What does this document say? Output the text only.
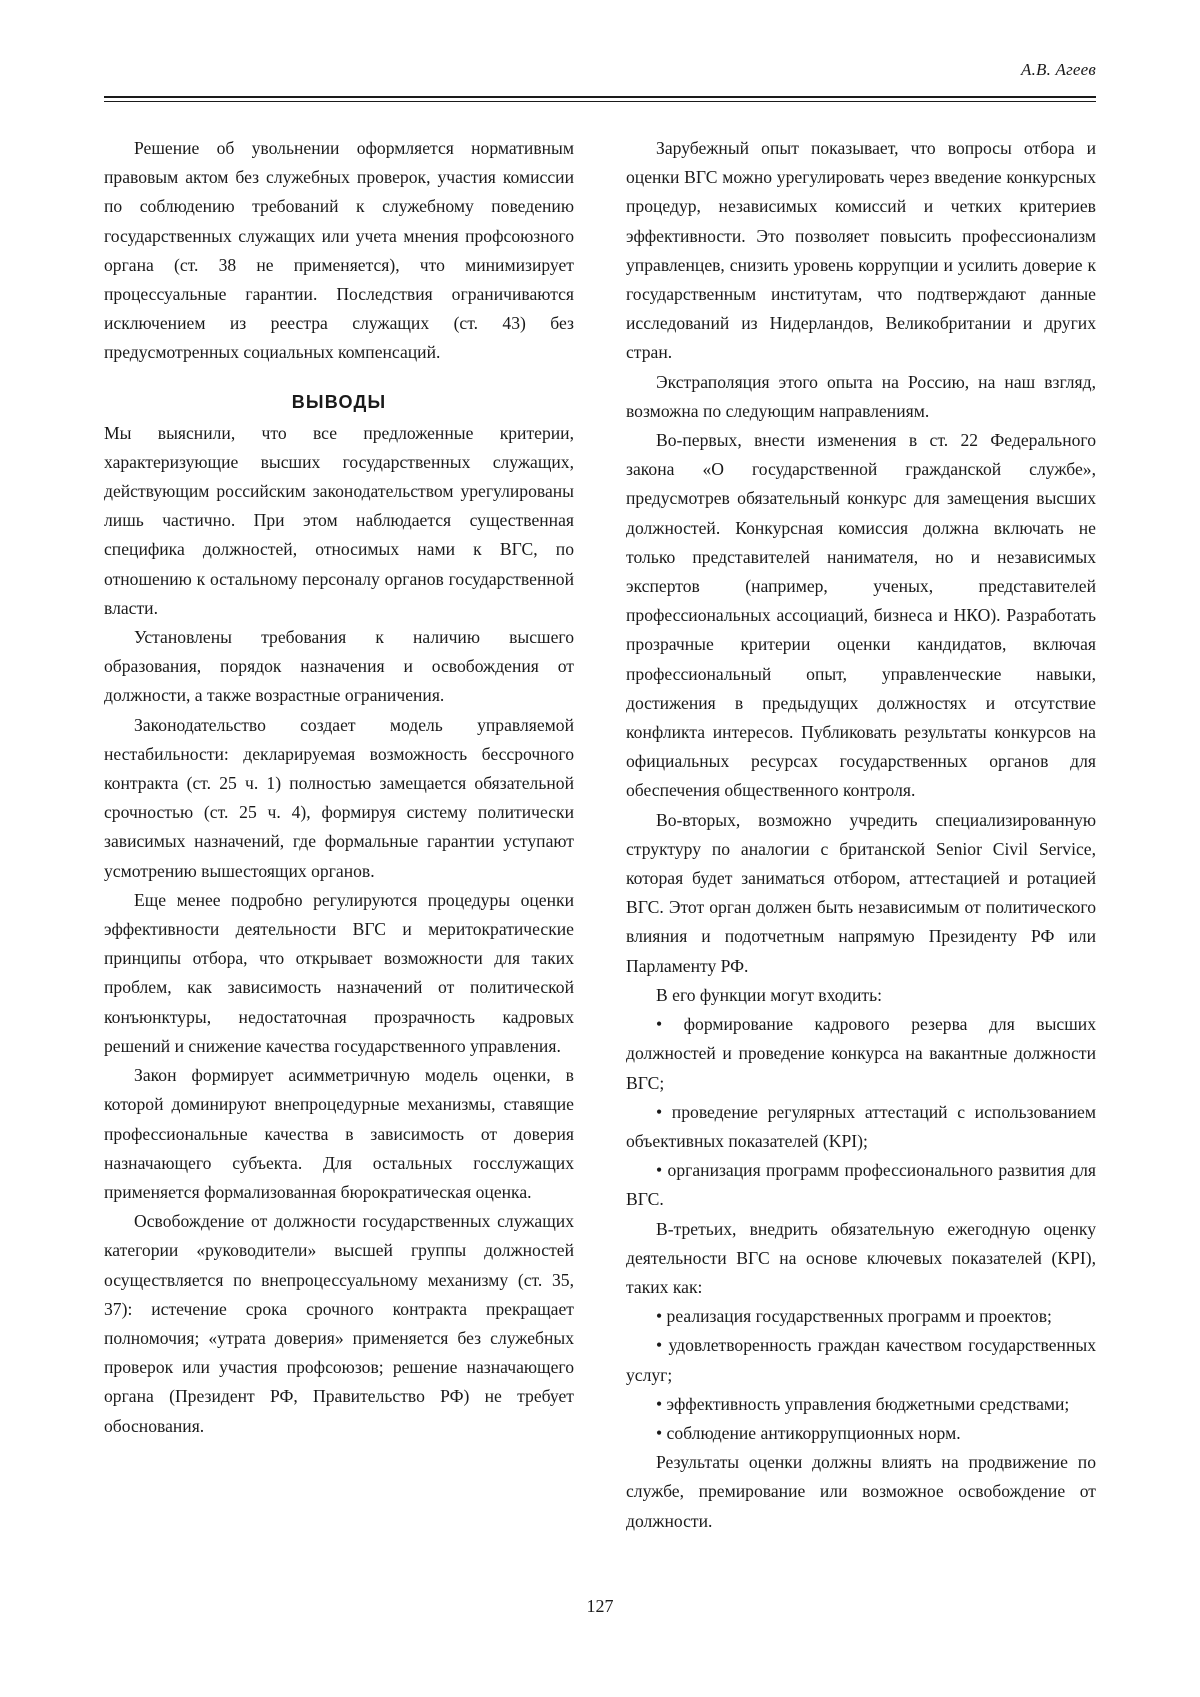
А.В. Агеев

Решение об увольнении оформляется нормативным правовым актом без служебных проверок, участия комиссии по соблюдению требований к служебному поведению государственных служащих или учета мнения профсоюзного органа (ст. 38 не применяется), что минимизирует процессуальные гарантии. Последствия ограничиваются исключением из реестра служащих (ст. 43) без предусмотренных социальных компенсаций.

ВЫВОДЫ

Мы выяснили, что все предложенные критерии, характеризующие высших государственных служащих, действующим российским законодательством урегулированы лишь частично. При этом наблюдается существенная специфика должностей, относимых нами к ВГС, по отношению к остальному персоналу органов государственной власти.

Установлены требования к наличию высшего образования, порядок назначения и освобождения от должности, а также возрастные ограничения.

Законодательство создает модель управляемой нестабильности: декларируемая возможность бессрочного контракта (ст. 25 ч. 1) полностью замещается обязательной срочностью (ст. 25 ч. 4), формируя систему политически зависимых назначений, где формальные гарантии уступают усмотрению вышестоящих органов.

Еще менее подробно регулируются процедуры оценки эффективности деятельности ВГС и меритократические принципы отбора, что открывает возможности для таких проблем, как зависимость назначений от политической конъюнктуры, недостаточная прозрачность кадровых решений и снижение качества государственного управления.

Закон формирует асимметричную модель оценки, в которой доминируют внепроцедурные механизмы, ставящие профессиональные качества в зависимость от доверия назначающего субъекта. Для остальных госслужащих применяется формализованная бюрократическая оценка.

Освобождение от должности государственных служащих категории «руководители» высшей группы должностей осуществляется по внепроцессуальному механизму (ст. 35, 37): истечение срока срочного контракта прекращает полномочия; «утрата доверия» применяется без служебных проверок или участия профсоюзов; решение назначающего органа (Президент РФ, Правительство РФ) не требует обоснования.

Зарубежный опыт показывает, что вопросы отбора и оценки ВГС можно урегулировать через введение конкурсных процедур, независимых комиссий и четких критериев эффективности. Это позволяет повысить профессионализм управленцев, снизить уровень коррупции и усилить доверие к государственным институтам, что подтверждают данные исследований из Нидерландов, Великобритании и других стран.

Экстраполяция этого опыта на Россию, на наш взгляд, возможна по следующим направлениям.

Во-первых, внести изменения в ст. 22 Федерального закона «О государственной гражданской службе», предусмотрев обязательный конкурс для замещения высших должностей. Конкурсная комиссия должна включать не только представителей нанимателя, но и независимых экспертов (например, ученых, представителей профессиональных ассоциаций, бизнеса и НКО). Разработать прозрачные критерии оценки кандидатов, включая профессиональный опыт, управленческие навыки, достижения в предыдущих должностях и отсутствие конфликта интересов. Публиковать результаты конкурсов на официальных ресурсах государственных органов для обеспечения общественного контроля.

Во-вторых, возможно учредить специализированную структуру по аналогии с британской Senior Civil Service, которая будет заниматься отбором, аттестацией и ротацией ВГС. Этот орган должен быть независимым от политического влияния и подотчетным напрямую Президенту РФ или Парламенту РФ.

В его функции могут входить:

• формирование кадрового резерва для высших должностей и проведение конкурса на вакантные должности ВГС;

• проведение регулярных аттестаций с использованием объективных показателей (KPI);

• организация программ профессионального развития для ВГС.

В-третьих, внедрить обязательную ежегодную оценку деятельности ВГС на основе ключевых показателей (KPI), таких как:

• реализация государственных программ и проектов;

• удовлетворенность граждан качеством государственных услуг;

• эффективность управления бюджетными средствами;

• соблюдение антикоррупционных норм.

Результаты оценки должны влиять на продвижение по службе, премирование или возможное освобождение от должности.

127
